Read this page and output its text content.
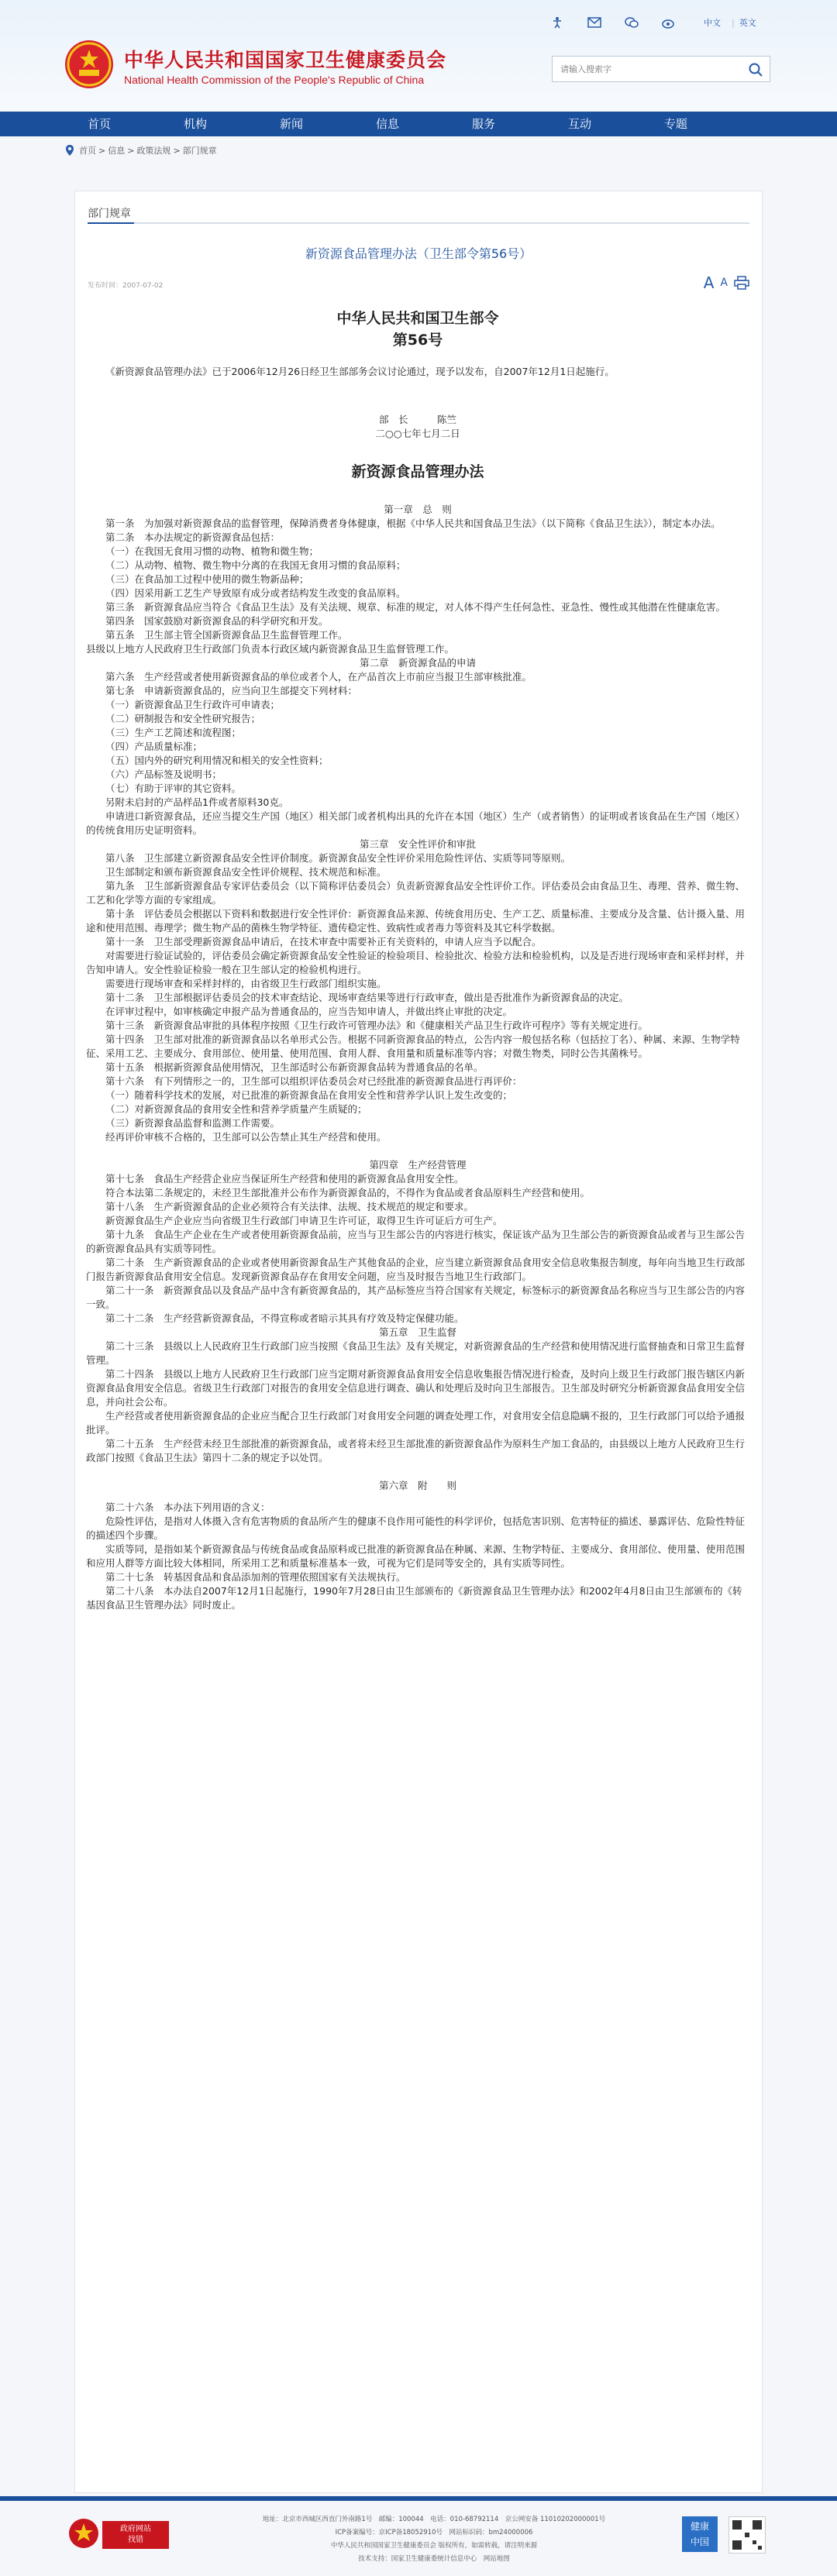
中华人民共和国国家卫生健康委员会
National Health Commission of the People's Republic of China
中文 | 英文
请输入搜索字
首页	机构	新闻	信息	服务	互动	专题
首页 > 信息 > 政策法规 > 部门规章
部门规章
新资源食品管理办法（卫生部令第56号）
发布时间：2007-07-02	A A

中华人民共和国卫生部令

第56号

《新资源食品管理办法》已于2006年12月26日经卫生部部务会议讨论通过，现予以发布，自2007年12月1日起施行。

部　长　　　陈竺

二○○七年七月二日

新资源食品管理办法

第一章　总　则

第一条　为加强对新资源食品的监督管理，保障消费者身体健康，根据《中华人民共和国食品卫生法》（以下简称《食品卫生法》），制定本办法。

第二条　本办法规定的新资源食品包括：

（一）在我国无食用习惯的动物、植物和微生物；

（二）从动物、植物、微生物中分离的在我国无食用习惯的食品原料；

（三）在食品加工过程中使用的微生物新品种；

（四）因采用新工艺生产导致原有成分或者结构发生改变的食品原料。

第三条　新资源食品应当符合《食品卫生法》及有关法规、规章、标准的规定，对人体不得产生任何急性、亚急性、慢性或其他潜在性健康危害。

第四条　国家鼓励对新资源食品的科学研究和开发。

第五条　卫生部主管全国新资源食品卫生监督管理工作。

县级以上地方人民政府卫生行政部门负责本行政区域内新资源食品卫生监督管理工作。

第二章　新资源食品的申请

第六条　生产经营或者使用新资源食品的单位或者个人，在产品首次上市前应当报卫生部审核批准。

第七条　申请新资源食品的，应当向卫生部提交下列材料：

（一）新资源食品卫生行政许可申请表；

（二）研制报告和安全性研究报告；

（三）生产工艺简述和流程图；

（四）产品质量标准；

（五）国内外的研究利用情况和相关的安全性资料；

（六）产品标签及说明书；

（七）有助于评审的其它资料。

另附未启封的产品样品1件或者原料30克。

申请进口新资源食品，还应当提交生产国（地区）相关部门或者机构出具的允许在本国（地区）生产（或者销售）的证明或者该食品在生产国（地区）的传统食用历史证明资料。

第三章　安全性评价和审批

第八条　卫生部建立新资源食品安全性评价制度。新资源食品安全性评价采用危险性评估、实质等同等原则。

卫生部制定和颁布新资源食品安全性评价规程、技术规范和标准。

第九条　卫生部新资源食品专家评估委员会（以下简称评估委员会）负责新资源食品安全性评价工作。评估委员会由食品卫生、毒理、营养、微生物、工艺和化学等方面的专家组成。

第十条　评估委员会根据以下资料和数据进行安全性评价：新资源食品来源、传统食用历史、生产工艺、质量标准、主要成分及含量、估计摄入量、用途和使用范围、毒理学；微生物产品的菌株生物学特征、遗传稳定性、致病性或者毒力等资料及其它科学数据。

第十一条　卫生部受理新资源食品申请后，在技术审查中需要补正有关资料的，申请人应当予以配合。

对需要进行验证试验的，评估委员会确定新资源食品安全性验证的检验项目、检验批次、检验方法和检验机构，以及是否进行现场审查和采样封样，并告知申请人。安全性验证检验一般在卫生部认定的检验机构进行。

需要进行现场审查和采样封样的，由省级卫生行政部门组织实施。

第十二条　卫生部根据评估委员会的技术审查结论、现场审查结果等进行行政审查，做出是否批准作为新资源食品的决定。

在评审过程中，如审核确定申报产品为普通食品的，应当告知申请人，并做出终止审批的决定。

第十三条　新资源食品审批的具体程序按照《卫生行政许可管理办法》和《健康相关产品卫生行政许可程序》等有关规定进行。

第十四条　卫生部对批准的新资源食品以名单形式公告。根据不同新资源食品的特点，公告内容一般包括名称（包括拉丁名）、种属、来源、生物学特征、采用工艺、主要成分、食用部位、使用量、使用范围、食用人群、食用量和质量标准等内容；对微生物类，同时公告其菌株号。

第十五条　根据新资源食品使用情况，卫生部适时公布新资源食品转为普通食品的名单。

第十六条　有下列情形之一的，卫生部可以组织评估委员会对已经批准的新资源食品进行再评价：

（一）随着科学技术的发展，对已批准的新资源食品在食用安全性和营养学认识上发生改变的；

（二）对新资源食品的食用安全性和营养学质量产生质疑的；

（三）新资源食品监督和监测工作需要。

经再评价审核不合格的，卫生部可以公告禁止其生产经营和使用。

第四章　生产经营管理

第十七条　食品生产经营企业应当保证所生产经营和使用的新资源食品食用安全性。

符合本法第二条规定的，未经卫生部批准并公布作为新资源食品的，不得作为食品或者食品原料生产经营和使用。

第十八条　生产新资源食品的企业必须符合有关法律、法规、技术规范的规定和要求。

新资源食品生产企业应当向省级卫生行政部门申请卫生许可证，取得卫生许可证后方可生产。

第十九条　食品生产企业在生产或者使用新资源食品前，应当与卫生部公告的内容进行核实，保证该产品为卫生部公告的新资源食品或者与卫生部公告的新资源食品具有实质等同性。

第二十条　生产新资源食品的企业或者使用新资源食品生产其他食品的企业，应当建立新资源食品食用安全信息收集报告制度，每年向当地卫生行政部门报告新资源食品食用安全信息。发现新资源食品存在食用安全问题，应当及时报告当地卫生行政部门。

第二十一条　新资源食品以及食品产品中含有新资源食品的，其产品标签应当符合国家有关规定，标签标示的新资源食品名称应当与卫生部公告的内容一致。

第二十二条　生产经营新资源食品，不得宣称或者暗示其具有疗效及特定保健功能。

第五章　卫生监督

第二十三条　县级以上人民政府卫生行政部门应当按照《食品卫生法》及有关规定，对新资源食品的生产经营和使用情况进行监督抽查和日常卫生监督管理。

第二十四条　县级以上地方人民政府卫生行政部门应当定期对新资源食品食用安全信息收集报告情况进行检查，及时向上级卫生行政部门报告辖区内新资源食品食用安全信息。省级卫生行政部门对报告的食用安全信息进行调查、确认和处理后及时向卫生部报告。卫生部及时研究分析新资源食品食用安全信息，并向社会公布。

生产经营或者使用新资源食品的企业应当配合卫生行政部门对食用安全问题的调查处理工作，对食用安全信息隐瞒不报的，卫生行政部门可以给予通报批评。

第二十五条　生产经营未经卫生部批准的新资源食品，或者将未经卫生部批准的新资源食品作为原料生产加工食品的，由县级以上地方人民政府卫生行政部门按照《食品卫生法》第四十二条的规定予以处罚。

第六章　附　　则

第二十六条　本办法下列用语的含义：

危险性评估，是指对人体摄入含有危害物质的食品所产生的健康不良作用可能性的科学评价，包括危害识别、危害特征的描述、暴露评估、危险性特征的描述四个步骤。

实质等同，是指如某个新资源食品与传统食品或食品原料或已批准的新资源食品在种属、来源、生物学特征、主要成分、食用部位、使用量、使用范围和应用人群等方面比较大体相同，所采用工艺和质量标准基本一致，可视为它们是同等安全的，具有实质等同性。

第二十七条　转基因食品和食品添加剂的管理依照国家有关法规执行。

第二十八条　本办法自2007年12月1日起施行，1990年7月28日由卫生部颁布的《新资源食品卫生管理办法》和2002年4月8日由卫生部颁布的《转基因食品卫生管理办法》同时废止。

政府网站
找错
地址：北京市西城区西直门外南路1号　邮编：100044　电话：010-68792114　京公网安备 11010202000001号
ICP备案编号：京ICP备18052910号　网站标识码：bm24000006
中华人民共和国国家卫生健康委员会 版权所有，如需转载，请注明来源
技术支持：国家卫生健康委统计信息中心　网站地图
健康
中国
